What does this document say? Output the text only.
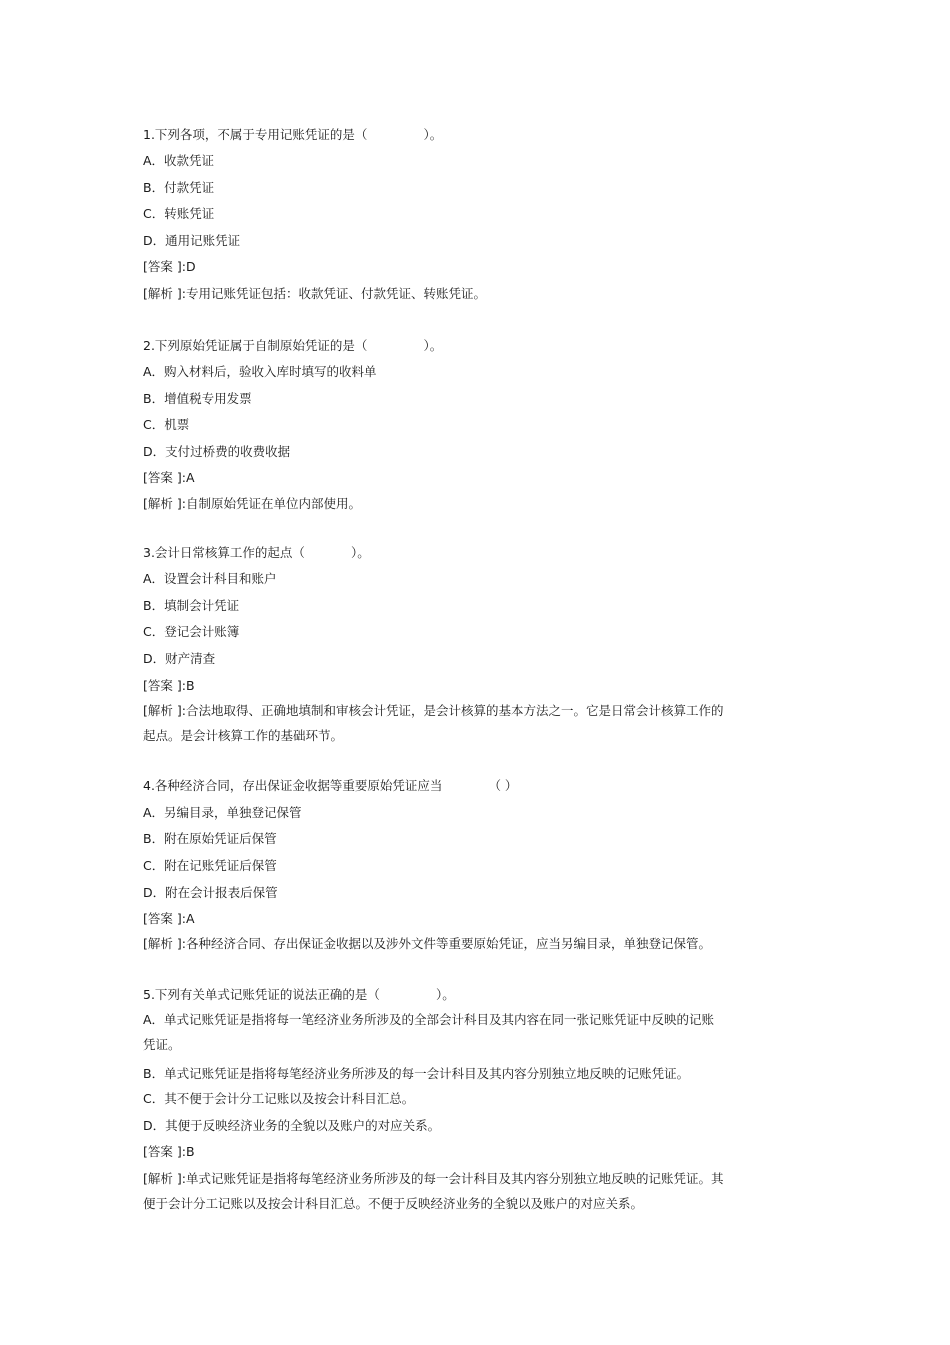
1.下列各项，不属于专用记账凭证的是（	）。
A．收款凭证
B．付款凭证
C．转账凭证
D．通用记账凭证
[答案 ]:D
[解析 ]:专用记账凭证包括：收款凭证、付款凭证、转账凭证。
2.下列原始凭证属于自制原始凭证的是（	）。
A．购入材料后，验收入库时填写的收料单
B．增值税专用发票
C．机票
D．支付过桥费的收费收据
[答案 ]:A
[解析 ]:自制原始凭证在单位内部使用。
3.会计日常核算工作的起点（	）。
A．设置会计科目和账户
B．填制会计凭证
C．登记会计账簿
D．财产清查
[答案 ]:B
[解析 ]:合法地取得、正确地填制和审核会计凭证，是会计核算的基本方法之一。它是日常会计核算工作的
起点。是会计核算工作的基础环节。
4.各种经济合同，存出保证金收据等重要原始凭证应当	（ ）
A．另编目录，单独登记保管
B．附在原始凭证后保管
C．附在记账凭证后保管
D．附在会计报表后保管
[答案 ]:A
[解析 ]:各种经济合同、存出保证金收据以及涉外文件等重要原始凭证，应当另编目录，单独登记保管。
5.下列有关单式记账凭证的说法正确的是（	）。
A．单式记账凭证是指将每一笔经济业务所涉及的全部会计科目及其内容在同一张记账凭证中反映的记账
凭证。
B．单式记账凭证是指将每笔经济业务所涉及的每一会计科目及其内容分别独立地反映的记账凭证。
C．其不便于会计分工记账以及按会计科目汇总。
D．其便于反映经济业务的全貌以及账户的对应关系。
[答案 ]:B
[解析 ]:单式记账凭证是指将每笔经济业务所涉及的每一会计科目及其内容分别独立地反映的记账凭证。其
便于会计分工记账以及按会计科目汇总。不便于反映经济业务的全貌以及账户的对应关系。
